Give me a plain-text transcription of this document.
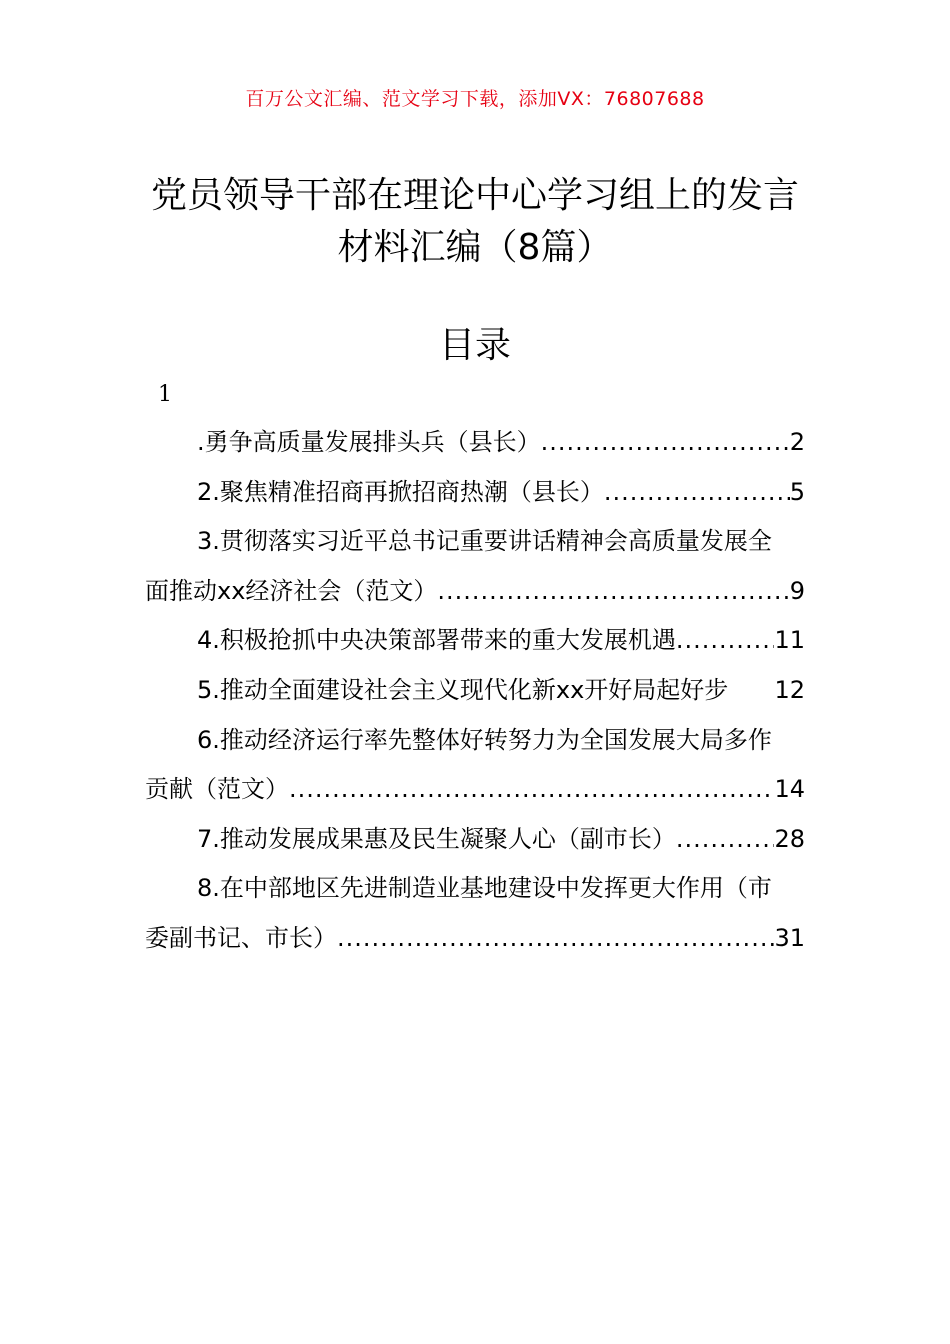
百万公文汇编、范文学习下载，添加VX：76807688
党员领导干部在理论中心学习组上的发言
材料汇编（8篇）
目录
1
.勇争高质量发展排头兵（县长） .....	2
2.聚焦精准招商再掀招商热潮（县长） .....	5
3.贯彻落实习近平总书记重要讲话精神会高质量发展全
面推动xx经济社会（范文） .....	9
4.积极抢抓中央决策部署带来的重大发展机遇 .....	11
5.推动全面建设社会主义现代化新xx开好局起好步 12
6.推动经济运行率先整体好转努力为全国发展大局多作
贡献（范文） .....	14
7.推动发展成果惠及民生凝聚人心（副市长） .....	28
8.在中部地区先进制造业基地建设中发挥更大作用（市
委副书记、市长） .....	31
